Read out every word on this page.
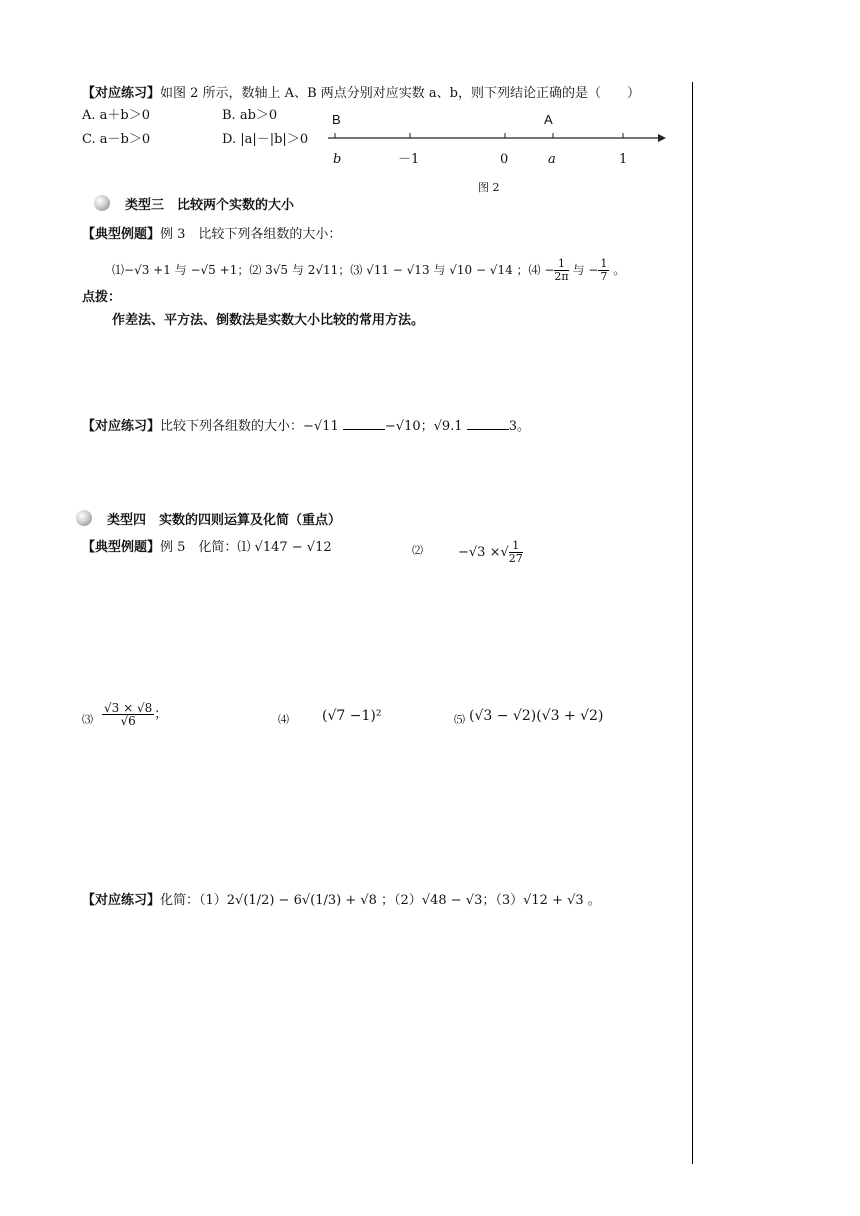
【对应练习】如图 2 所示，数轴上 A、B 两点分别对应实数 a、b，则下列结论正确的是（　　）
A. a＋b＞0	B. ab＞0
C. a－b＞0	D. |a|－|b|＞0
B	A
b	－1	0	a	1
图 2
类型三　比较两个实数的大小
【典型例题】例 3　比较下列各组数的大小：
⑴−√3 +1 与 −√5 +1；⑵ 3√5 与 2√11；⑶ √11 − √13 与 √10 − √14 ；⑷ − $\frac{1}{2\pi}$ 与 − $\frac{1}{7}$ 。
点拨：
作差法、平方法、倒数法是实数大小比较的常用方法。
【对应练习】比较下列各组数的大小：−√11	−√10；√9.1	3。
类型四　实数的四则运算及化简（重点）
【典型例题】例 5　化简：⑴ √147 − √12	⑵	−√3 ×√ $\frac{1}{27}$
⑶ $\frac{√3 \times √8}{√6}$ ；	⑷ (√7 −1)²	⑸ (√3 − √2)(√3 + √2)
【对应练习】化简：（1）2√(1/2) − 6√(1/3) + √8 ；（2）√48 − √3；（3）√12 + √3 。
